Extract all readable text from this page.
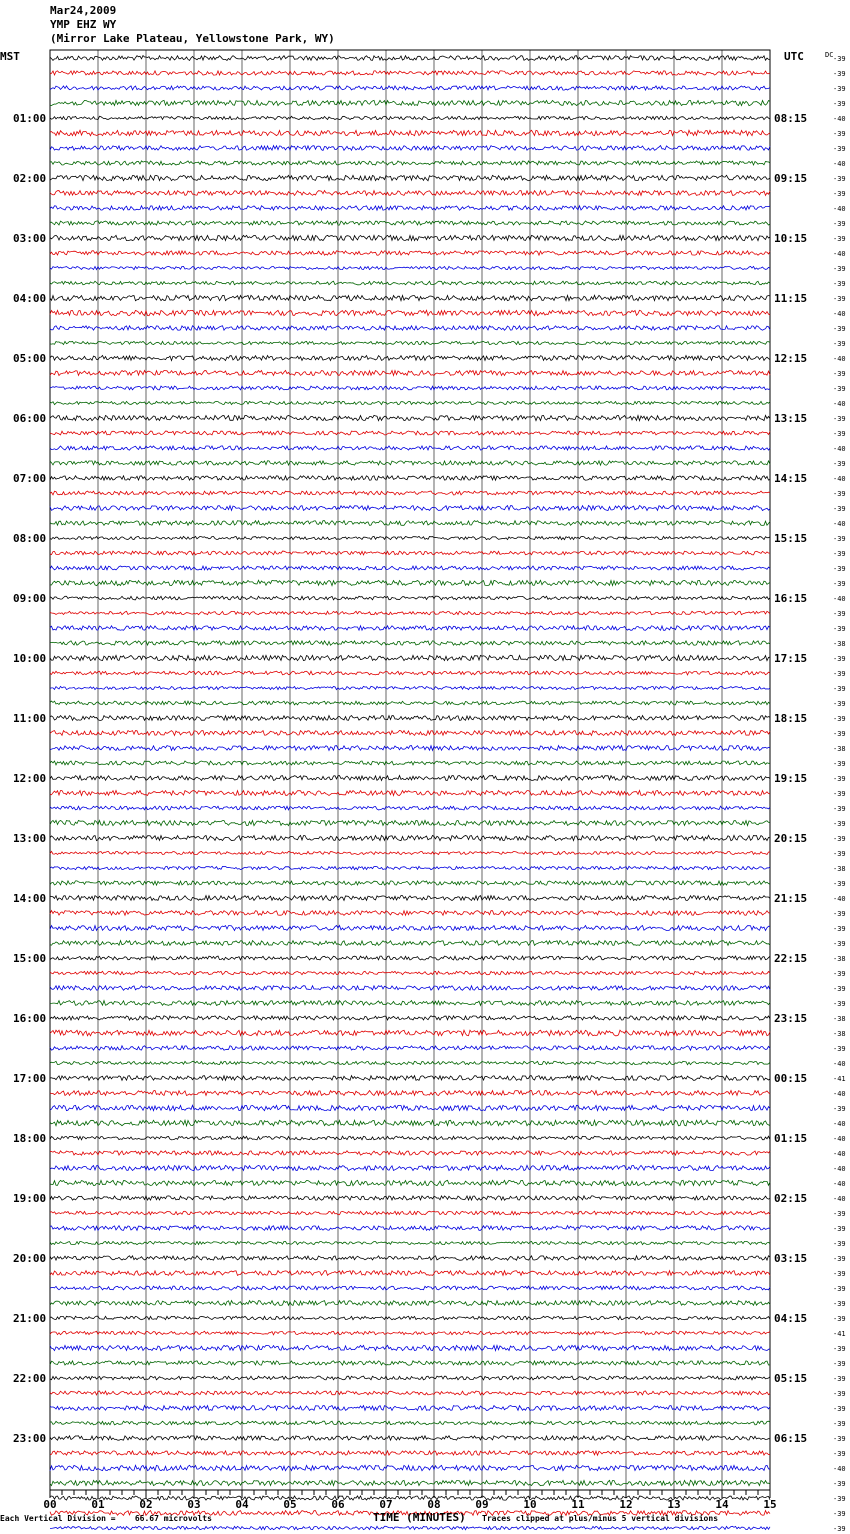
Mar24,2009
YMP EHZ WY
(Mirror Lake Plateau, Yellowstone Park, WY)
00	01	02	03	04	05	06	07	08	09	10	11	12	13	14	15
-39
-39
-39
-39
-40
-39
-39
-40
-39
-39
-40
-39
-39
-40
-39
-39
-39
-40
-39
-39
-40
-39
-39
-40
-39
-39
-40
-39
-40
-39
-39
-40
-39
-39
-39
-39
-40
-39
-39
-38
-39
-39
-39
-39
-39
-39
-38
-39
-39
-39
-39
-39
-39
-39
-38
-39
-40
-39
-39
-39
-38
-39
-39
-39
-38
-38
-39
-40
-41
-40
-39
-40
-40
-40
-40
-40
-40
-39
-39
-39
-39
-39
-39
-39
-39
-41
-39
-39
-39
-39
-39
-39
-39
-39
-40
-39
-39
-39
-39
MST	UTC	DC
01:00
02:00
03:00
04:00
05:00
06:00
07:00
08:00
09:00
10:00
11:00
12:00
13:00
14:00
15:00
16:00
17:00
18:00
19:00
20:00
21:00
22:00
23:00
08:15
09:15
10:15
11:15
12:15
13:15
14:15
15:15
16:15
17:15
18:15
19:15
20:15
21:15
22:15
23:15
00:15
01:15
02:15
03:15
04:15
05:15
06:15
TIME (MINUTES)
Each Vertical Division =    66.67 microvolts	Traces clipped at plus/minus 5 vertical divisions
